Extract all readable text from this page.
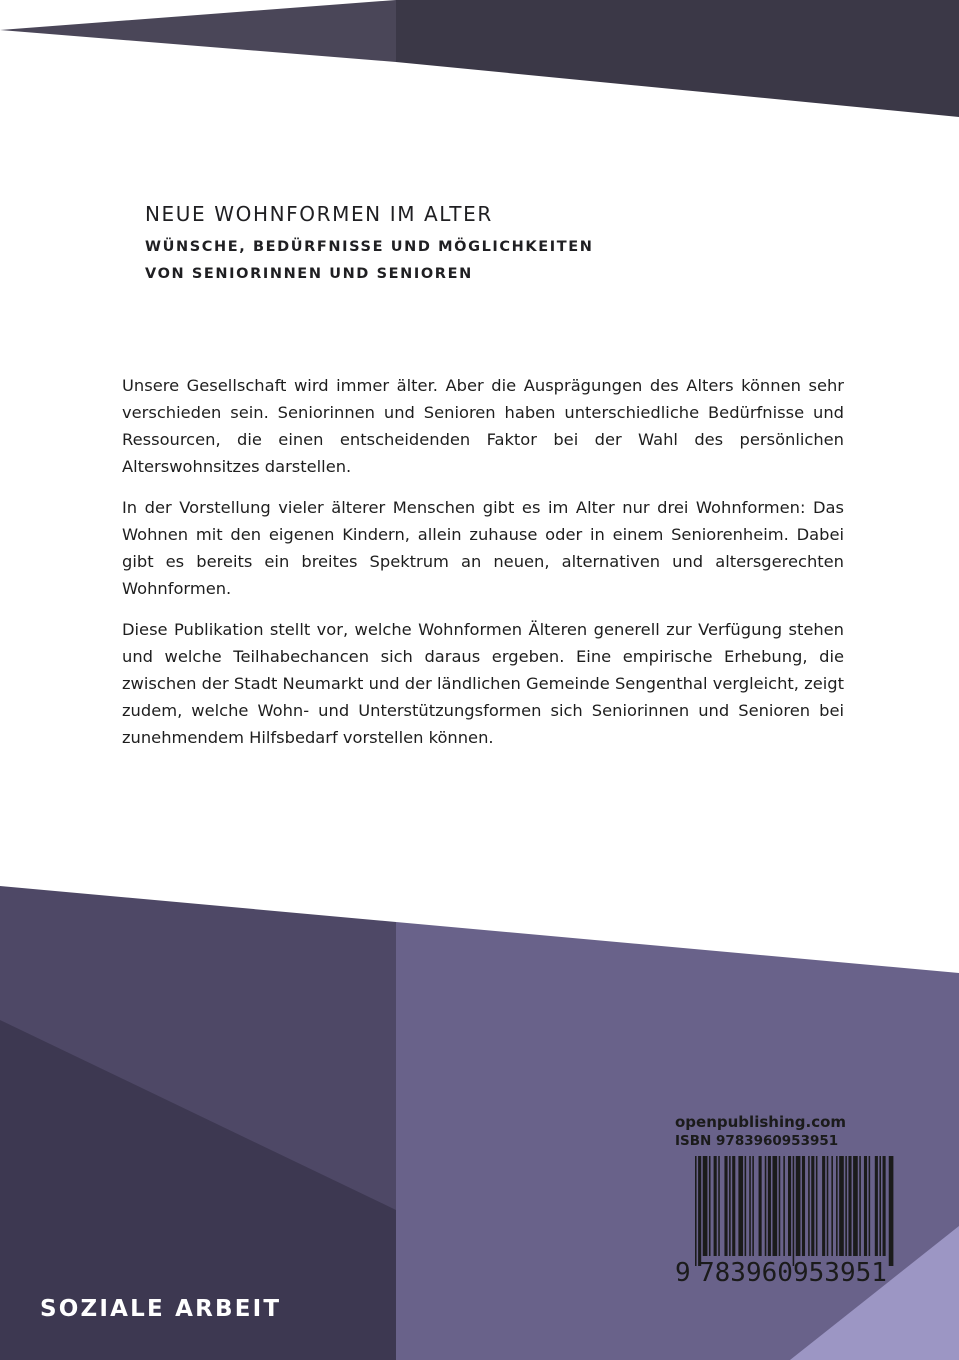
NEUE WOHNFORMEN IM ALTER
WÜNSCHE, BEDÜRFNISSE UND MÖGLICHKEITEN
VON SENIORINNEN UND SENIOREN

Unsere Gesellschaft wird immer älter. Aber die Ausprägungen des Alters können sehr verschieden sein. Seniorinnen und Senioren haben unterschiedliche Bedürfnisse und Ressourcen, die einen entscheidenden Faktor bei der Wahl des persönlichen Alterswohnsitzes darstellen.

In der Vorstellung vieler älterer Menschen gibt es im Alter nur drei Wohnformen: Das Wohnen mit den eigenen Kindern, allein zuhause oder in einem Seniorenheim. Dabei gibt es bereits ein breites Spektrum an neuen, alternativen und altersgerechten Wohnformen.

Diese Publikation stellt vor, welche Wohnformen Älteren generell zur Verfügung stehen und welche Teilhabechancen sich daraus ergeben. Eine empirische Erhebung, die zwischen der Stadt Neumarkt und der ländlichen Gemeinde Sengenthal vergleicht, zeigt zudem, welche Wohn- und Unterstützungsformen sich Seniorinnen und Senioren bei zunehmendem Hilfsbedarf vorstellen können.

SOZIALE ARBEIT
openpublishing.com
ISBN 9783960953951
9 783960 953951
